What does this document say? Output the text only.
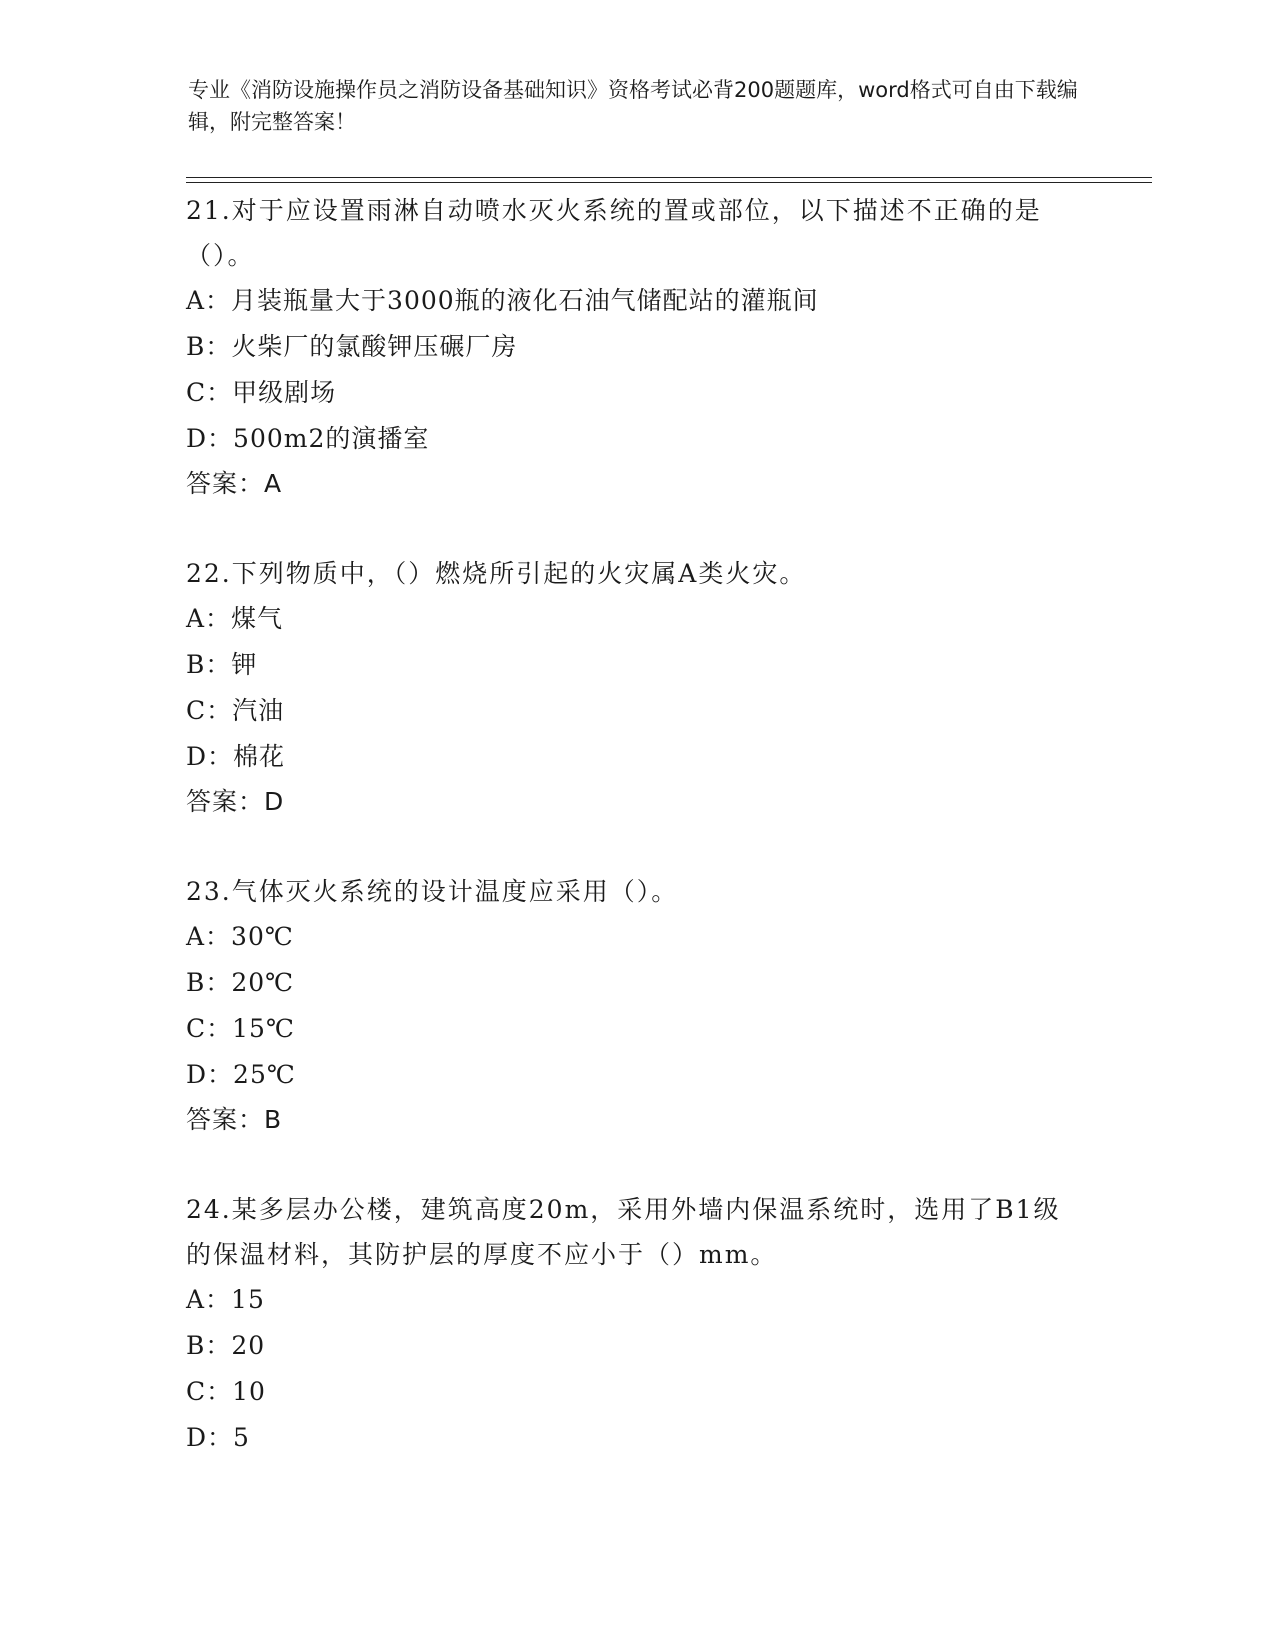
专业《消防设施操作员之消防设备基础知识》资格考试必背200题题库，word格式可自由下载编辑，附完整答案！
21.对于应设置雨淋自动喷水灭火系统的置或部位，以下描述不正确的是（）。
A：月装瓶量大于3000瓶的液化石油气储配站的灌瓶间
B：火柴厂的氯酸钾压碾厂房
C：甲级剧场
D：500m2的演播室
答案：A
22.下列物质中，（）燃烧所引起的火灾属A类火灾。
A：煤气
B：钾
C：汽油
D：棉花
答案：D
23.气体灭火系统的设计温度应采用（）。
A：30℃
B：20℃
C：15℃
D：25℃
答案：B
24.某多层办公楼，建筑高度20m，采用外墙内保温系统时，选用了B1级的保温材料，其防护层的厚度不应小于（）mm。
A：15
B：20
C：10
D：5
